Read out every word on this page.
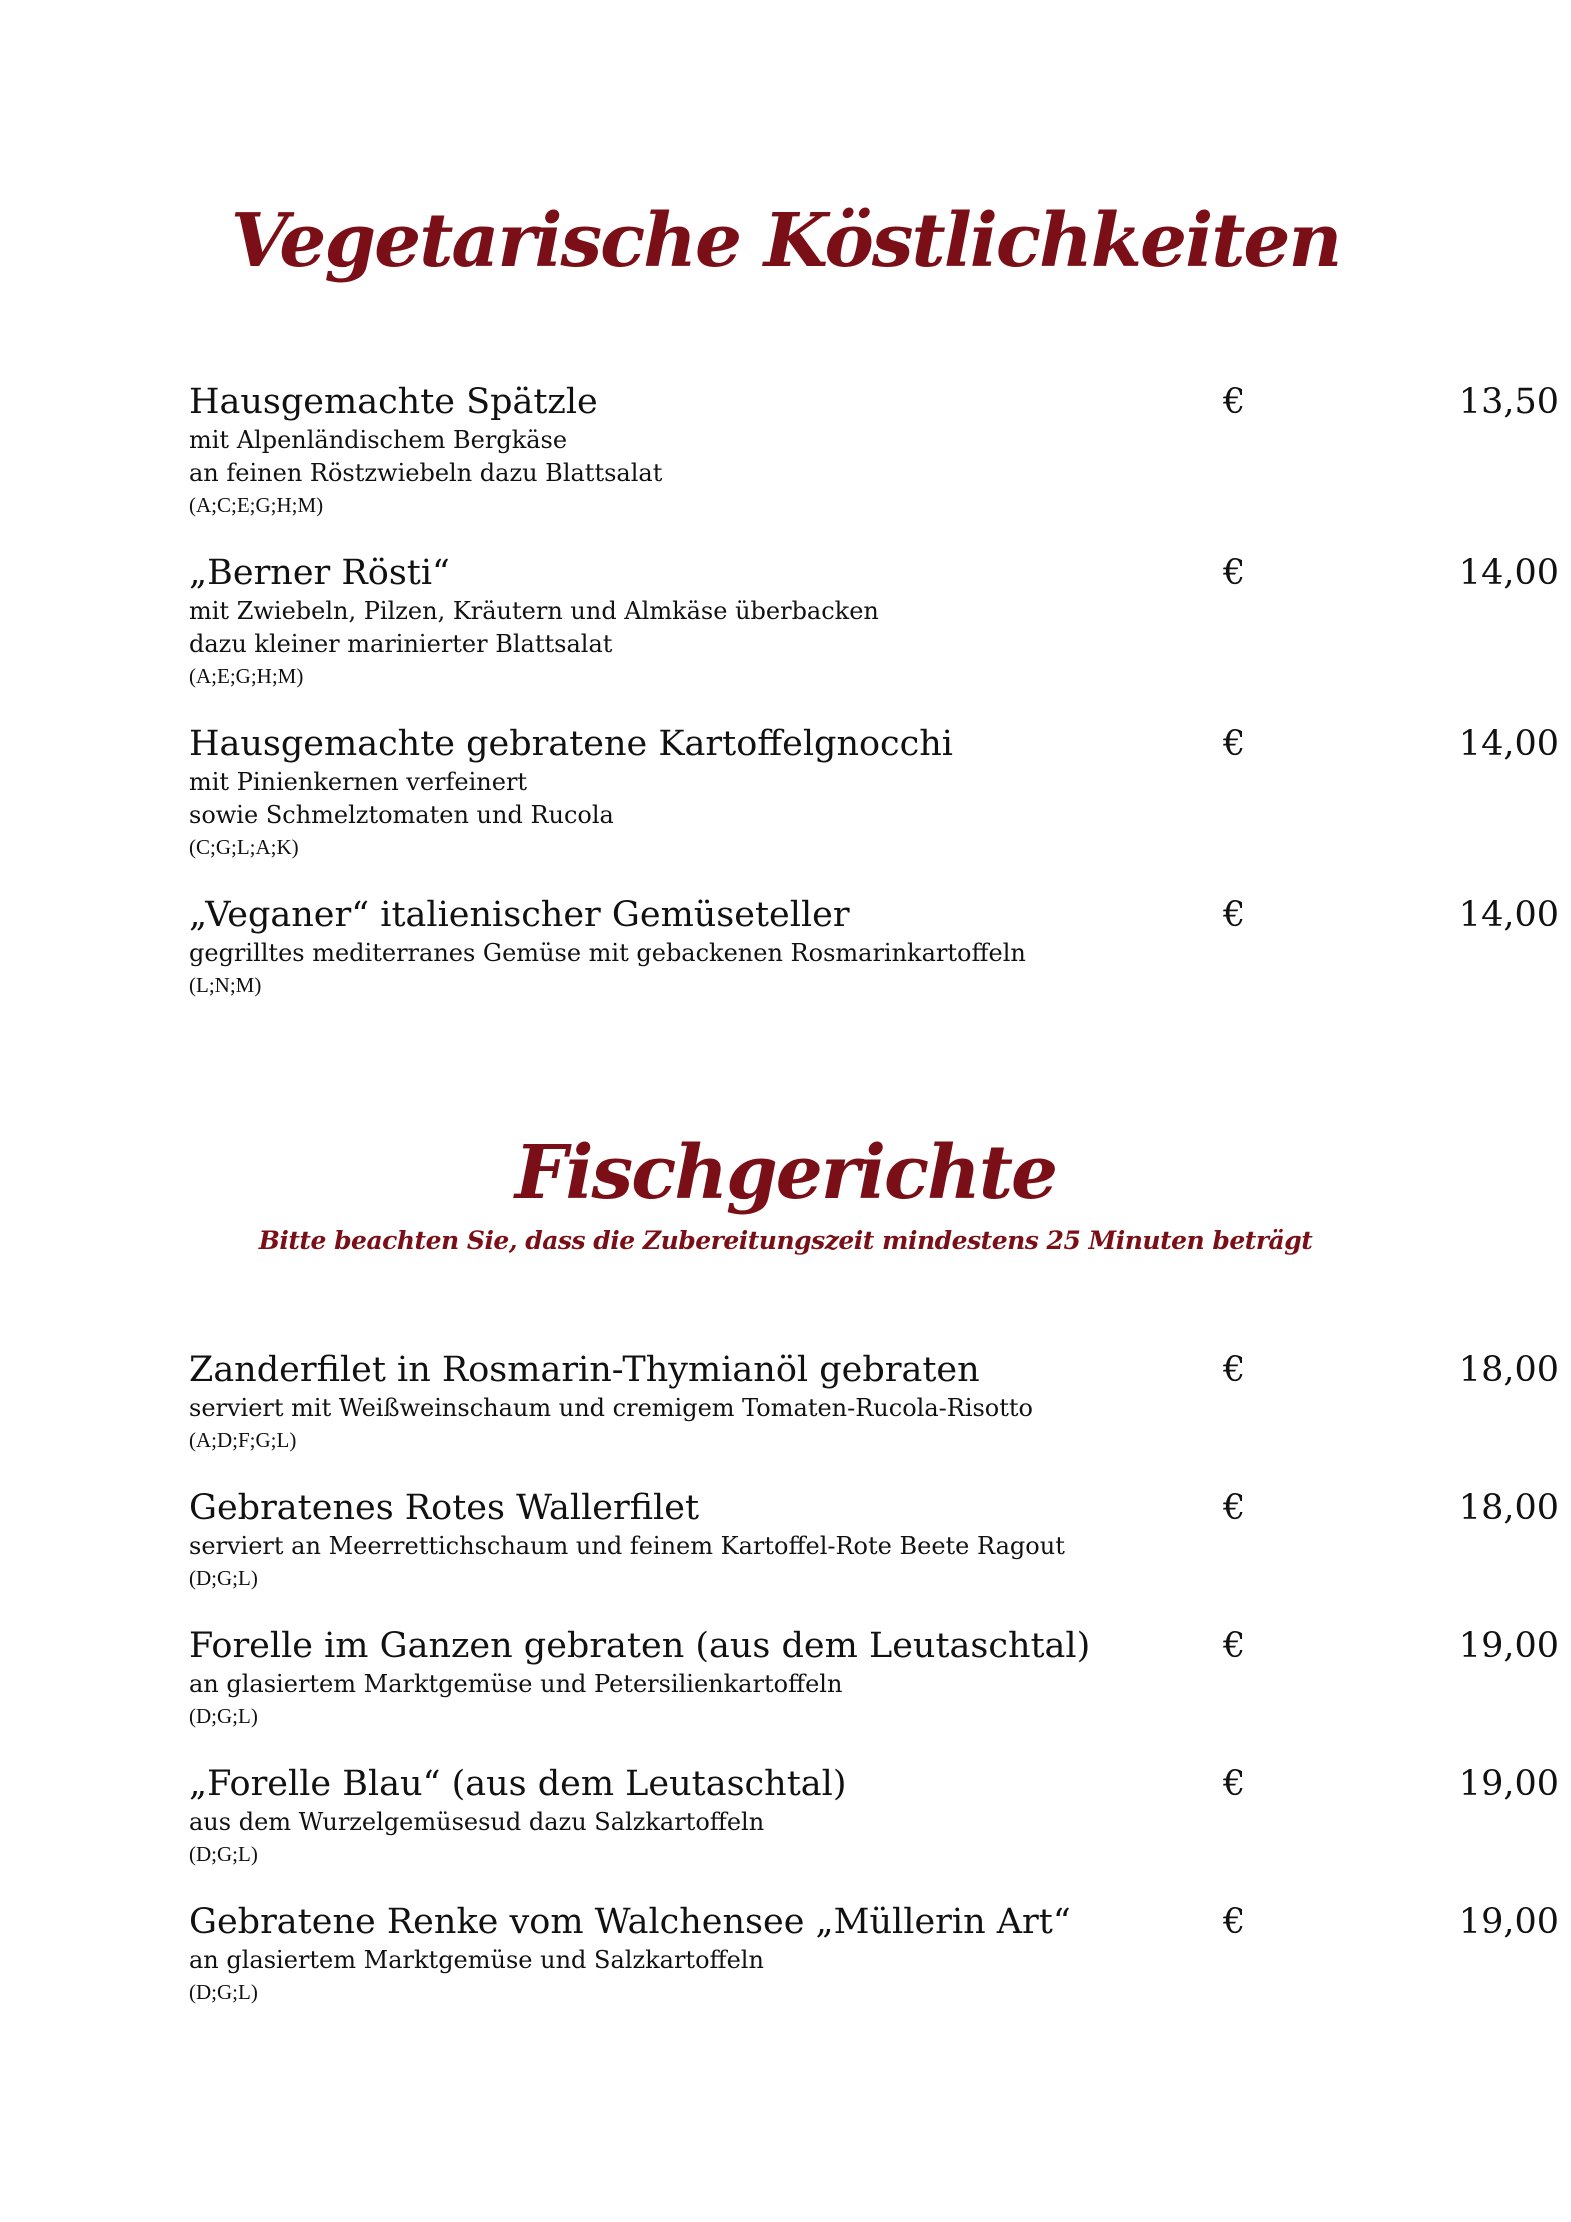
Vegetarische Köstlichkeiten
Hausgemachte Spätzle
mit Alpenländischem Bergkäse
an feinen Röstzwiebeln dazu Blattsalat
(A;C;E;G;H;M)
€	13,50
„Berner Rösti“
mit Zwiebeln, Pilzen, Kräutern und Almkäse überbacken
dazu kleiner marinierter Blattsalat
(A;E;G;H;M)
€	14,00
Hausgemachte gebratene Kartoffelgnocchi
mit Pinienkernen verfeinert
sowie Schmelztomaten und Rucola
(C;G;L;A;K)
€	14,00
„Veganer“ italienischer Gemüseteller
gegrilltes mediterranes Gemüse mit gebackenen Rosmarinkartoffeln
(L;N;M)
€	14,00
Fischgerichte
Bitte beachten Sie, dass die Zubereitungszeit mindestens 25 Minuten beträgt
Zanderfilet in Rosmarin-Thymianöl gebraten
serviert mit Weißweinschaum und cremigem Tomaten-Rucola-Risotto
(A;D;F;G;L)
€	18,00
Gebratenes Rotes Wallerfilet
serviert an Meerrettichschaum und feinem Kartoffel-Rote Beete Ragout
(D;G;L)
€	18,00
Forelle im Ganzen gebraten (aus dem Leutaschtal)
an glasiertem Marktgemüse und Petersilienkartoffeln
(D;G;L)
€	19,00
„Forelle Blau“ (aus dem Leutaschtal)
aus dem Wurzelgemüsesud dazu Salzkartoffeln
(D;G;L)
€	19,00
Gebratene Renke vom Walchensee „Müllerin Art“
an glasiertem Marktgemüse und Salzkartoffeln
(D;G;L)
€	19,00
